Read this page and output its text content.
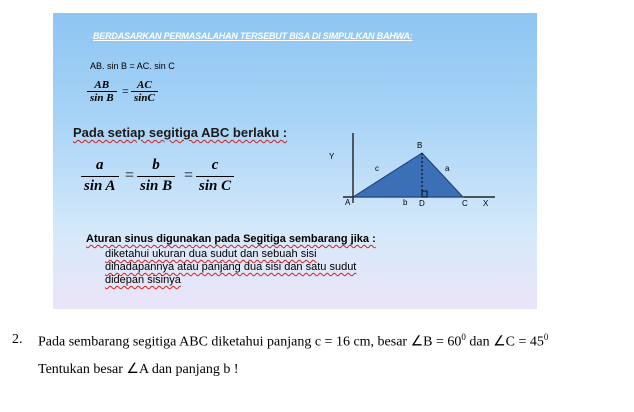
BERDASARKAN PERMASALAHAN TERSEBUT BISA DI SIMPULKAN BAHWA:
AB. sin B = AC. sin C
$\frac{AB}{\text{sin B}} = \frac{AC}{\sin C}$
Pada setiap segitiga ABC berlaku :
$\frac{a}{\text{sin A}} = \frac{b}{\text{sin B}} = \frac{c}{\text{sin C}}$	Y
B
c	a
A	b D	C X
Aturan sinus digunakan pada Segitiga sembarang jika :
diketahui ukuran dua sudut dan sebuah sisi
dihadapannya atau panjang dua sisi dan satu sudut
didepan sisinya
2. Pada sembarang segitiga ABC diketahui panjang c = 16 cm, besar ∠B = $60^0$ dan ∠C = $45^0$
Tentukan besar ∠A dan panjang b !
